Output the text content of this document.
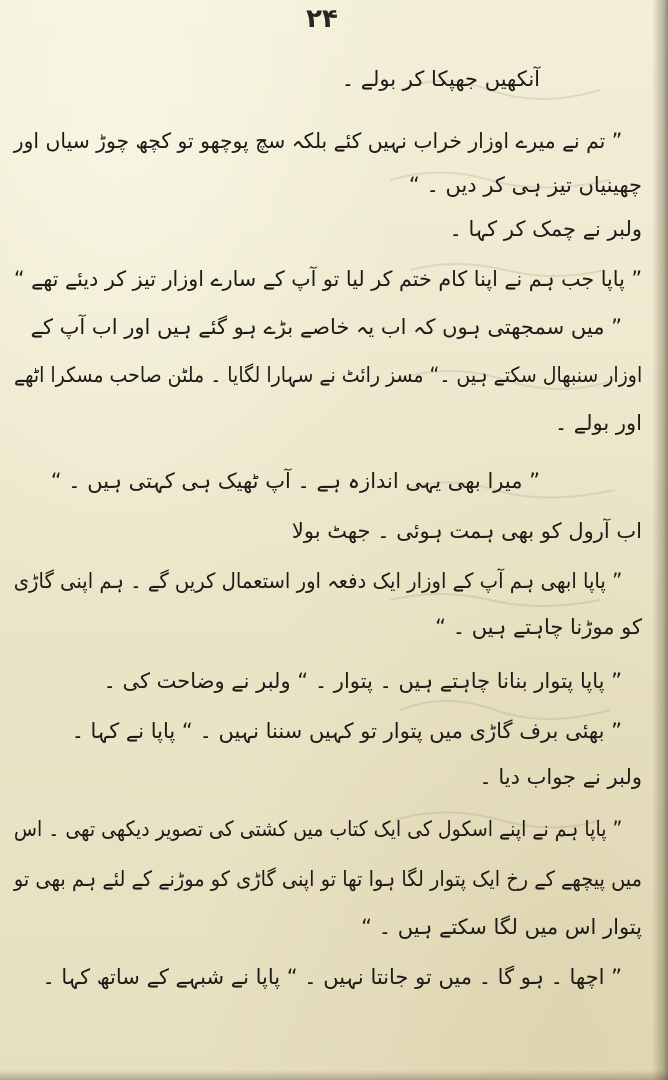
۲۴
آنکھیں جھپکا کر بولے ۔
” تم نے میرے اوزار خراب نہیں کئے بلکہ سچ پوچھو تو کچھ چوڑ سیاں اور
چھینیاں تیز ہی کر دیں ۔ “
ولبر نے چمک کر کہا ۔
” پاپا جب ہم نے اپنا کام ختم کر لیا تو آپ کے سارے اوزار تیز کر دیئے تھے “
” میں سمجھتی ہوں کہ اب یہ خاصے بڑے ہو گئے ہیں اور اب آپ کے
اوزار سنبھال سکتے ہیں ۔“ مسز رائٹ نے سہارا لگایا ۔ ملٹن صاحب مسکرا اٹھے
اور بولے ۔
” میرا بھی یہی اندازہ ہے ۔ آپ ٹھیک ہی کہتی ہیں ۔ “
اب آرول کو بھی ہمت ہوئی ۔ جھٹ بولا
” پاپا ابھی ہم آپ کے اوزار ایک دفعہ اور استعمال کریں گے ۔ ہم اپنی گاڑی
کو موڑنا چاہتے ہیں ۔ “
” پاپا پتوار بنانا چاہتے ہیں ۔ پتوار ۔ “ ولبر نے وضاحت کی ۔
” بھئی برف گاڑی میں پتوار تو کہیں سننا نہیں ۔ “ پاپا نے کہا ۔
ولبر نے جواب دیا ۔
” پاپا ہم نے اپنے اسکول کی ایک کتاب میں کشتی کی تصویر دیکھی تھی ۔ اس
میں پیچھے کے رخ ایک پتوار لگا ہوا تھا تو اپنی گاڑی کو موڑنے کے لئے ہم بھی تو
پتوار اس میں لگا سکتے ہیں ۔ “
” اچھا ۔ ہو گا ۔ میں تو جانتا نہیں ۔ “ پاپا نے شبہے کے ساتھ کہا ۔
